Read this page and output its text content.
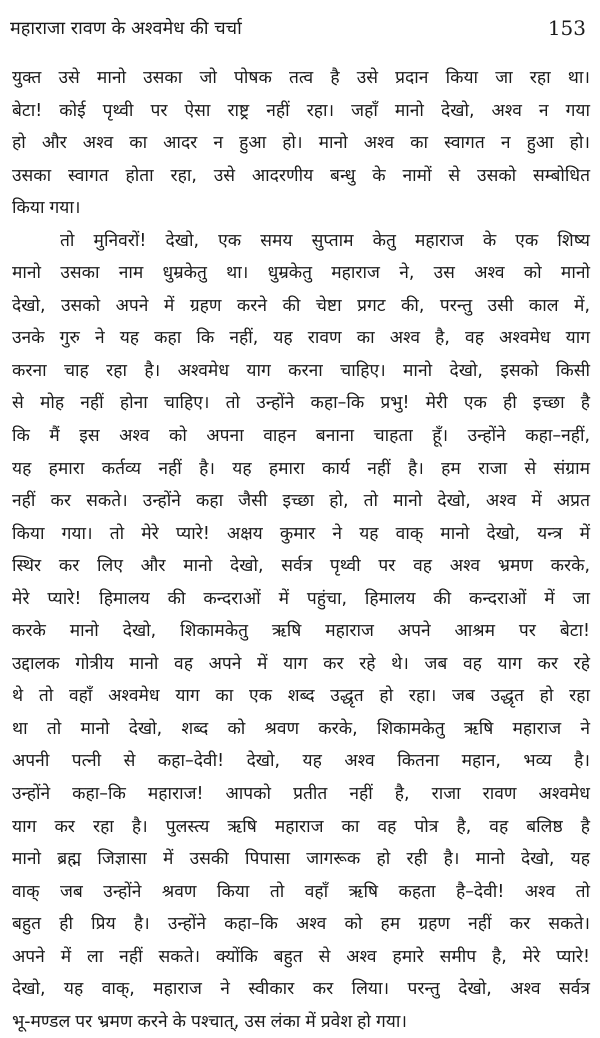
महाराजा रावण के अश्वमेध की चर्चा	153
युक्त उसे मानो उसका जो पोषक तत्व है उसे प्रदान किया जा रहा था।
बेटा! कोई पृथ्वी पर ऐसा राष्ट्र नहीं रहा। जहाँ मानो देखो, अश्व न गया
हो और अश्व का आदर न हुआ हो। मानो अश्व का स्वागत न हुआ हो।
उसका स्वागत होता रहा, उसे आदरणीय बन्धु के नामों से उसको सम्बोधित
किया गया।
तो मुनिवरों! देखो, एक समय सुप्ताम केतु महाराज के एक शिष्य
मानो उसका नाम धुम्रकेतु था। धुम्रकेतु महाराज ने, उस अश्व को मानो
देखो, उसको अपने में ग्रहण करने की चेष्टा प्रगट की, परन्तु उसी काल में,
उनके गुरु ने यह कहा कि नहीं, यह रावण का अश्व है, वह अश्वमेध याग
करना चाह रहा है। अश्वमेध याग करना चाहिए। मानो देखो, इसको किसी
से मोह नहीं होना चाहिए। तो उन्होंने कहा–कि प्रभु! मेरी एक ही इच्छा है
कि मैं इस अश्व को अपना वाहन बनाना चाहता हूँ। उन्होंने कहा–नहीं,
यह हमारा कर्तव्य नहीं है। यह हमारा कार्य नहीं है। हम राजा से संग्राम
नहीं कर सकते। उन्होंने कहा जैसी इच्छा हो, तो मानो देखो, अश्व में अप्रत
किया गया। तो मेरे प्यारे! अक्षय कुमार ने यह वाक् मानो देखो, यन्त्र में
स्थिर कर लिए और मानो देखो, सर्वत्र पृथ्वी पर वह अश्व भ्रमण करके,
मेरे प्यारे! हिमालय की कन्दराओं में पहुंचा, हिमालय की कन्दराओं में जा
करके मानो देखो, शिकामकेतु ऋषि महाराज अपने आश्रम पर बेटा!
उद्दालक गोत्रीय मानो वह अपने में याग कर रहे थे। जब वह याग कर रहे
थे तो वहाँ अश्वमेध याग का एक शब्द उद्धृत हो रहा। जब उद्धृत हो रहा
था तो मानो देखो, शब्द को श्रवण करके, शिकामकेतु ऋषि महाराज ने
अपनी पत्नी से कहा–देवी! देखो, यह अश्व कितना महान, भव्य है।
उन्होंने कहा–कि महाराज! आपको प्रतीत नहीं है, राजा रावण अश्वमेध
याग कर रहा है। पुलस्त्य ऋषि महाराज का वह पोत्र है, वह बलिष्ठ है
मानो ब्रह्म जिज्ञासा में उसकी पिपासा जागरूक हो रही है। मानो देखो, यह
वाक् जब उन्होंने श्रवण किया तो वहाँ ऋषि कहता है–देवी! अश्व तो
बहुत ही प्रिय है। उन्होंने कहा–कि अश्व को हम ग्रहण नहीं कर सकते।
अपने में ला नहीं सकते। क्योंकि बहुत से अश्व हमारे समीप है, मेरे प्यारे!
देखो, यह वाक्, महाराज ने स्वीकार कर लिया। परन्तु देखो, अश्व सर्वत्र
भू-मण्डल पर भ्रमण करने के पश्चात्, उस लंका में प्रवेश हो गया।
